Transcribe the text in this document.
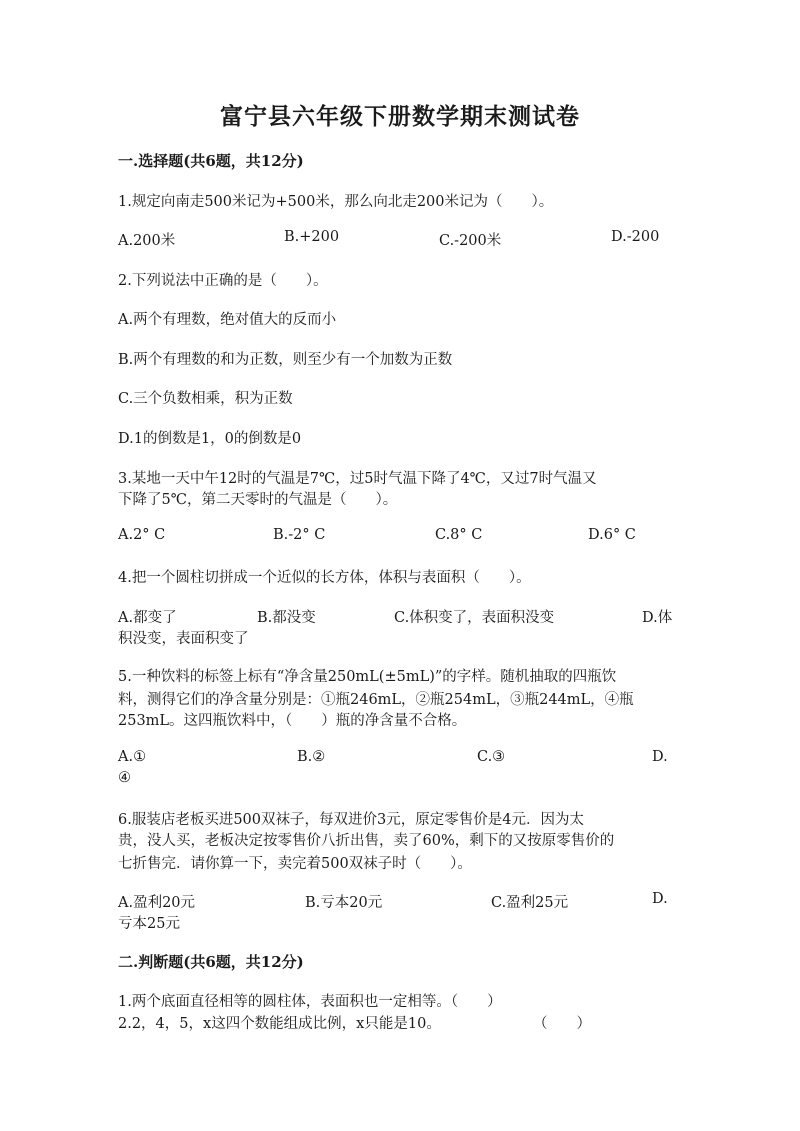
富宁县六年级下册数学期末测试卷
一.选择题(共6题，共12分)
1.规定向南走500米记为+500米，那么向北走200米记为（　　）。
A.200米	B.+200	C.-200米	D.-200
2.下列说法中正确的是（　　）。
A.两个有理数，绝对值大的反而小
B.两个有理数的和为正数，则至少有一个加数为正数
C.三个负数相乘，积为正数
D.1的倒数是1，0的倒数是0
3.某地一天中午12时的气温是7℃，过5时气温下降了4℃，又过7时气温又
下降了5℃，第二天零时的气温是（　　）。
A.2° C	B.-2° C	C.8° C	D.6° C
4.把一个圆柱切拼成一个近似的长方体，体积与表面积（　　）。
A.都变了	B.都没变	C.体积变了，表面积没变	D.体
积没变，表面积变了
5.一种饮料的标签上标有“净含量250mL(±5mL)”的字样。随机抽取的四瓶饮
料，测得它们的净含量分别是：①瓶246mL，②瓶254mL，③瓶244mL，④瓶
253mL。这四瓶饮料中，（　　）瓶的净含量不合格。
A.①	B.②	C.③	D.
④
6.服装店老板买进500双袜子，每双进价3元，原定零售价是4元．因为太
贵，没人买，老板决定按零售价八折出售，卖了60%，剩下的又按原零售价的
七折售完．请你算一下，卖完着500双袜子时（　　）。
A.盈利20元	B.亏本20元	C.盈利25元	D.
亏本25元
二.判断题(共6题，共12分)
1.两个底面直径相等的圆柱体，表面积也一定相等。（　　）
2.2，4，5，x这四个数能组成比例，x只能是10。	（　　）
